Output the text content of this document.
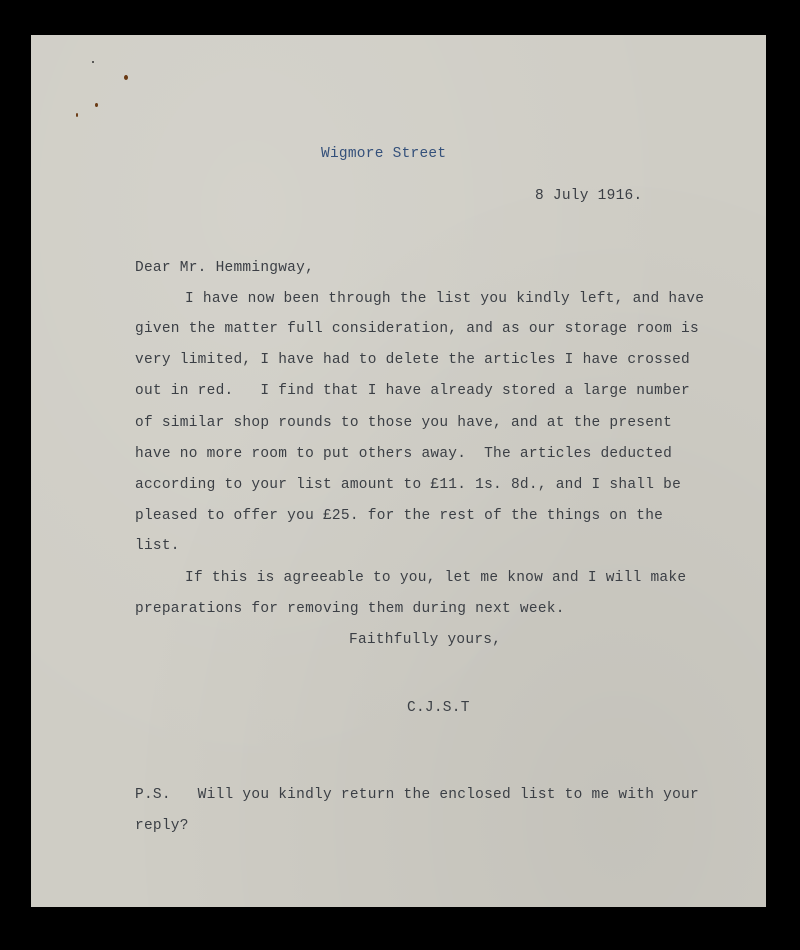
Wigmore Street
8 July 1916.
Dear Mr. Hemmingway,
I have now been through the list you kindly left, and have
given the matter full consideration, and as our storage room is
very limited, I have had to delete the articles I have crossed
out in red.   I find that I have already stored a large number
of similar shop rounds to those you have, and at the present
have no more room to put others away.  The articles deducted
according to your list amount to £11. 1s. 8d., and I shall be
pleased to offer you £25. for the rest of the things on the
list.
If this is agreeable to you, let me know and I will make
preparations for removing them during next week.
Faithfully yours,
C.J.S.T
P.S.   Will you kindly return the enclosed list to me with your
reply?
